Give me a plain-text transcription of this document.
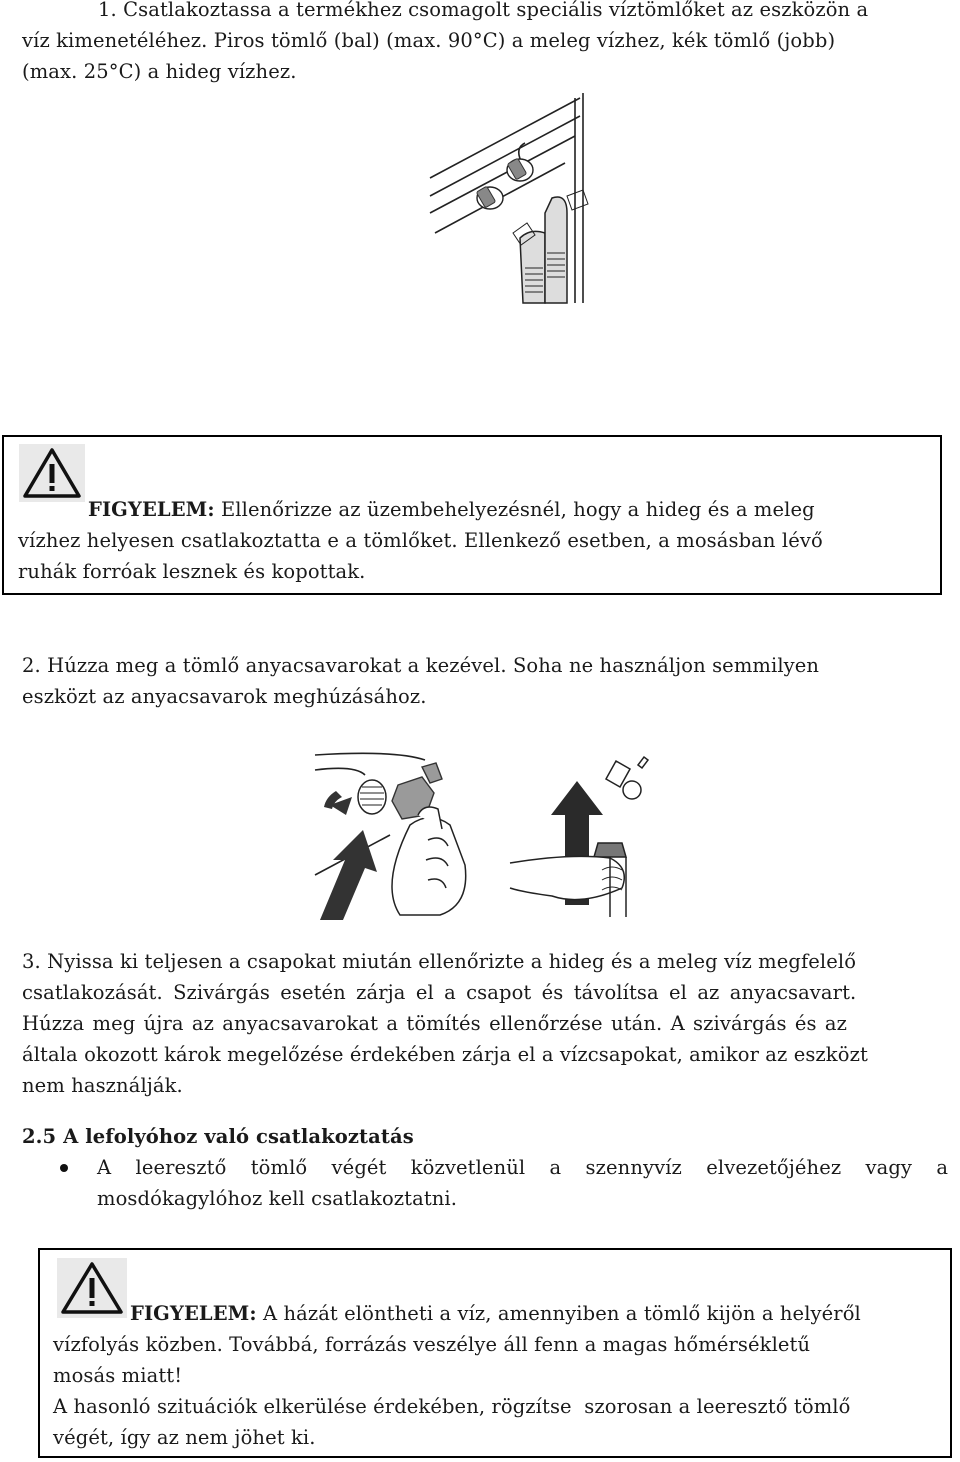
1. Csatlakoztassa a termékhez csomagolt speciális víztömlőket az eszközön a
víz kimenetéléhez. Piros tömlő (bal) (max. 90°C) a meleg vízhez, kék tömlő (jobb)
(max. 25°C) a hideg vízhez.
FIGYELEM: Ellenőrizze az üzembehelyezésnél, hogy a hideg és a meleg
vízhez helyesen csatlakoztatta e a tömlőket. Ellenkező esetben, a mosásban lévő
ruhák forróak lesznek és kopottak.
2. Húzza meg a tömlő anyacsavarokat a kezével. Soha ne használjon semmilyen
eszközt az anyacsavarok meghúzásához.
3. Nyissa ki teljesen a csapokat miután ellenőrizte a hideg és a meleg víz megfelelő
csatlakozását. Szivárgás esetén zárja el a csapot és távolítsa el az anyacsavart.
Húzza meg újra az anyacsavarokat a tömítés ellenőrzése után. A szivárgás és az
általa okozott károk megelőzése érdekében zárja el a vízcsapokat, amikor az eszközt
nem használják.
2.5 A lefolyóhoz való csatlakoztatás
A leeresztő tömlő végét közvetlenül a szennyvíz elvezetőjéhez vagy a
mosdókagylóhoz kell csatlakoztatni.
FIGYELEM: A házát elöntheti a víz, amennyiben a tömlő kijön a helyéről
vízfolyás közben. Továbbá, forrázás veszélye áll fenn a magas hőmérsékletű
mosás miatt!
A hasonló szituációk elkerülése érdekében, rögzítse  szorosan a leeresztő tömlő
végét, így az nem jöhet ki.
